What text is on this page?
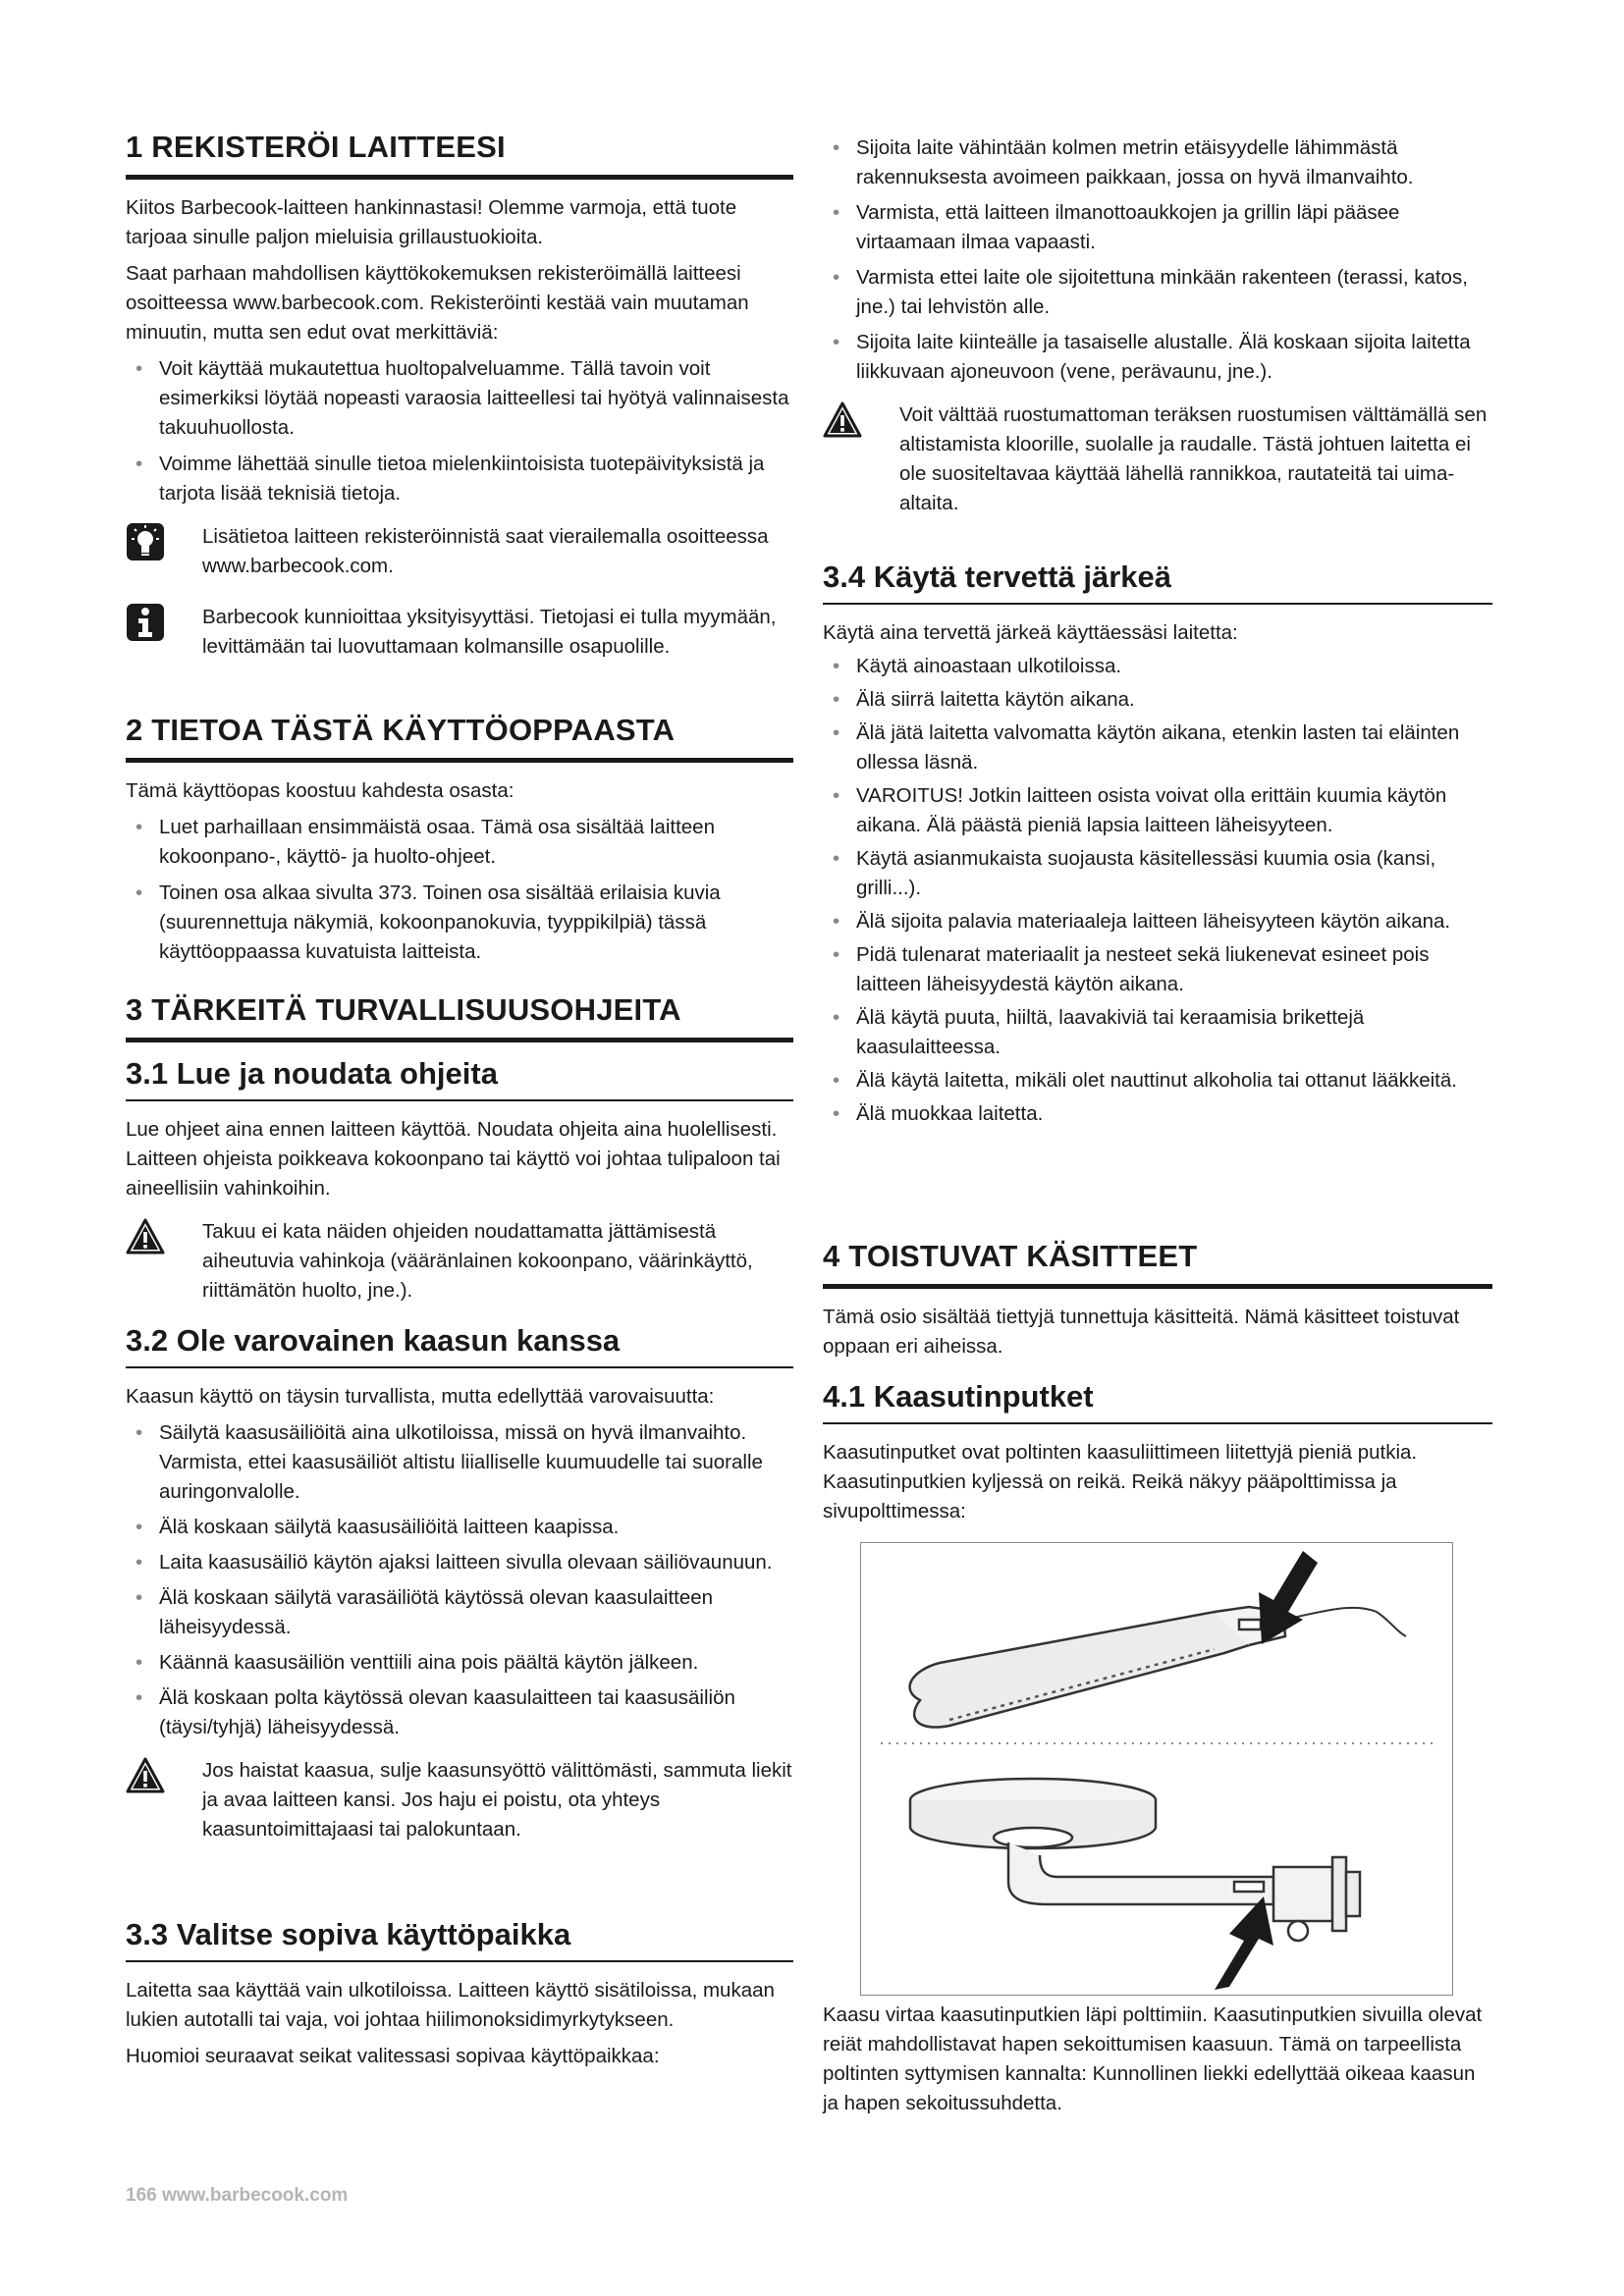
1 REKISTERÖI LAITTEESI

Kiitos Barbecook-laitteen hankinnastasi! Olemme varmoja, että tuote tarjoaa sinulle paljon mieluisia grillaustuokioita.

Saat parhaan mahdollisen käyttökokemuksen rekisteröimällä laitteesi osoitteessa www.barbecook.com. Rekisteröinti kestää vain muutaman minuutin, mutta sen edut ovat merkittäviä:

• Voit käyttää mukautettua huoltopalveluamme. Tällä tavoin voit esimerkiksi löytää nopeasti varaosia laitteellesi tai hyötyä valinnaisesta takuuhuollosta.
• Voimme lähettää sinulle tietoa mielenkiintoisista tuotepäivityksistä ja tarjota lisää teknisiä tietoja.

Lisätietoa laitteen rekisteröinnistä saat vierailemalla osoitteessa www.barbecook.com.

Barbecook kunnioittaa yksityisyyttäsi. Tietojasi ei tulla myymään, levittämään tai luovuttamaan kolmansille osapuolille.

2 TIETOA TÄSTÄ KÄYTTÖOPPAASTA

Tämä käyttöopas koostuu kahdesta osasta:

• Luet parhaillaan ensimmäistä osaa. Tämä osa sisältää laitteen kokoonpano-, käyttö- ja huolto-ohjeet.
• Toinen osa alkaa sivulta 373. Toinen osa sisältää erilaisia kuvia (suurennettuja näkymiä, kokoonpanokuvia, tyyppikilpiä) tässä käyttöoppaassa kuvatuista laitteista.
3 TÄRKEITÄ TURVALLISUUSOHJEITA
3.1 Lue ja noudata ohjeita

Lue ohjeet aina ennen laitteen käyttöä. Noudata ohjeita aina huolellisesti. Laitteen ohjeista poikkeava kokoonpano tai käyttö voi johtaa tulipaloon tai aineellisiin vahinkoihin.

Takuu ei kata näiden ohjeiden noudattamatta jättämisestä aiheutuvia vahinkoja (vääränlainen kokoonpano, väärinkäyttö, riittämätön huolto, jne.).

3.2 Ole varovainen kaasun kanssa

Kaasun käyttö on täysin turvallista, mutta edellyttää varovaisuutta:

• Säilytä kaasusäiliöitä aina ulkotiloissa, missä on hyvä ilmanvaihto. Varmista, ettei kaasusäiliöt altistu liialliselle kuumuudelle tai suoralle auringonvalolle.
• Älä koskaan säilytä kaasusäiliöitä laitteen kaapissa.
• Laita kaasusäiliö käytön ajaksi laitteen sivulla olevaan säiliövaunuun.
• Älä koskaan säilytä varasäiliötä käytössä olevan kaasulaitteen läheisyydessä.
• Käännä kaasusäiliön venttiili aina pois päältä käytön jälkeen.
• Älä koskaan polta käytössä olevan kaasulaitteen tai kaasusäiliön (täysi/tyhjä) läheisyydessä.

Jos haistat kaasua, sulje kaasunsyöttö välittömästi, sammuta liekit ja avaa laitteen kansi. Jos haju ei poistu, ota yhteys kaasuntoimittajaasi tai palokuntaan.

3.3 Valitse sopiva käyttöpaikka

Laitetta saa käyttää vain ulkotiloissa. Laitteen käyttö sisätiloissa, mukaan lukien autotalli tai vaja, voi johtaa hiilimonoksidimyrkytykseen.

Huomioi seuraavat seikat valitessasi sopivaa käyttöpaikkaa:

166 www.barbecook.com
• Sijoita laite vähintään kolmen metrin etäisyydelle lähimmästä rakennuksesta avoimeen paikkaan, jossa on hyvä ilmanvaihto.
• Varmista, että laitteen ilmanottoaukkojen ja grillin läpi pääsee virtaamaan ilmaa vapaasti.
• Varmista ettei laite ole sijoitettuna minkään rakenteen (terassi, katos, jne.) tai lehvistön alle.
• Sijoita laite kiinteälle ja tasaiselle alustalle. Älä koskaan sijoita laitetta liikkuvaan ajoneuvoon (vene, perävaunu, jne.).

Voit välttää ruostumattoman teräksen ruostumisen välttämällä sen altistamista kloorille, suolalle ja raudalle. Tästä johtuen laitetta ei ole suositeltavaa käyttää lähellä rannikkoa, rautateitä tai uima-altaita.

3.4 Käytä tervettä järkeä

Käytä aina tervettä järkeä käyttäessäsi laitetta:

• Käytä ainoastaan ulkotiloissa.
• Älä siirrä laitetta käytön aikana.
• Älä jätä laitetta valvomatta käytön aikana, etenkin lasten tai eläinten ollessa läsnä.
• VAROITUS! Jotkin laitteen osista voivat olla erittäin kuumia käytön aikana. Älä päästä pieniä lapsia laitteen läheisyyteen.
• Käytä asianmukaista suojausta käsitellessäsi kuumia osia (kansi, grilli...).
• Älä sijoita palavia materiaaleja laitteen läheisyyteen käytön aikana.
• Pidä tulenarat materiaalit ja nesteet sekä liukenevat esineet pois laitteen läheisyydestä käytön aikana.
• Älä käytä puuta, hiiltä, laavakiviä tai keraamisia brikettejä kaasulaitteessa.
• Älä käytä laitetta, mikäli olet nauttinut alkoholia tai ottanut lääkkeitä.
• Älä muokkaa laitetta.
4 TOISTUVAT KÄSITTEET

Tämä osio sisältää tiettyjä tunnettuja käsitteitä. Nämä käsitteet toistuvat oppaan eri aiheissa.

4.1 Kaasutinputket

Kaasutinputket ovat poltinten kaasuliittimeen liitettyjä pieniä putkia. Kaasutinputkien kyljessä on reikä. Reikä näkyy pääpolttimissa ja sivupolttimessa:

Kaasu virtaa kaasutinputkien läpi polttimiin. Kaasutinputkien sivuilla olevat reiät mahdollistavat hapen sekoittumisen kaasuun. Tämä on tarpeellista poltinten syttymisen kannalta: Kunnollinen liekki edellyttää oikeaa kaasun ja hapen sekoitussuhdetta.
